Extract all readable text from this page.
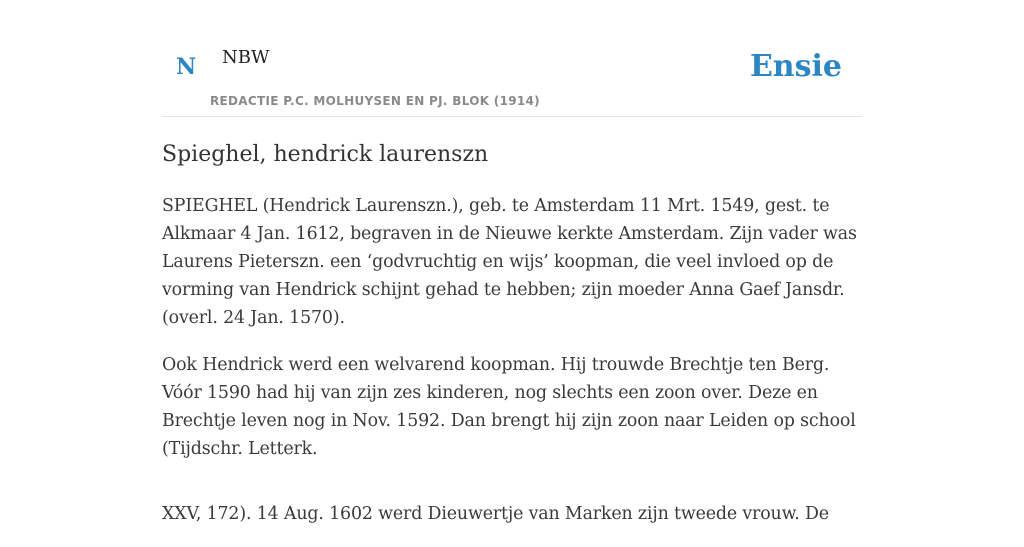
N NBW
REDACTIE P.C. MOLHUYSEN EN PJ. BLOK (1914)
Ensie
Spieghel, hendrick laurenszn

SPIEGHEL (Hendrick Laurenszn.), geb. te Amsterdam 11 Mrt. 1549, gest. te Alkmaar 4 Jan. 1612, begraven in de Nieuwe kerkte Amsterdam. Zijn vader was Laurens Pieterszn. een ‘godvruchtig en wijs’ koopman, die veel invloed op de vorming van Hendrick schijnt gehad te hebben; zijn moeder Anna Gaef Jansdr. (overl. 24 Jan. 1570).

Ook Hendrick werd een welvarend koopman. Hij trouwde Brechtje ten Berg. Vóór 1590 had hij van zijn zes kinderen, nog slechts een zoon over. Deze en Brechtje leven nog in Nov. 1592. Dan brengt hij zijn zoon naar Leiden op school (Tijdschr. Letterk.

XXV, 172). 14 Aug. 1602 werd Dieuwertje van Marken zijn tweede vrouw. De
